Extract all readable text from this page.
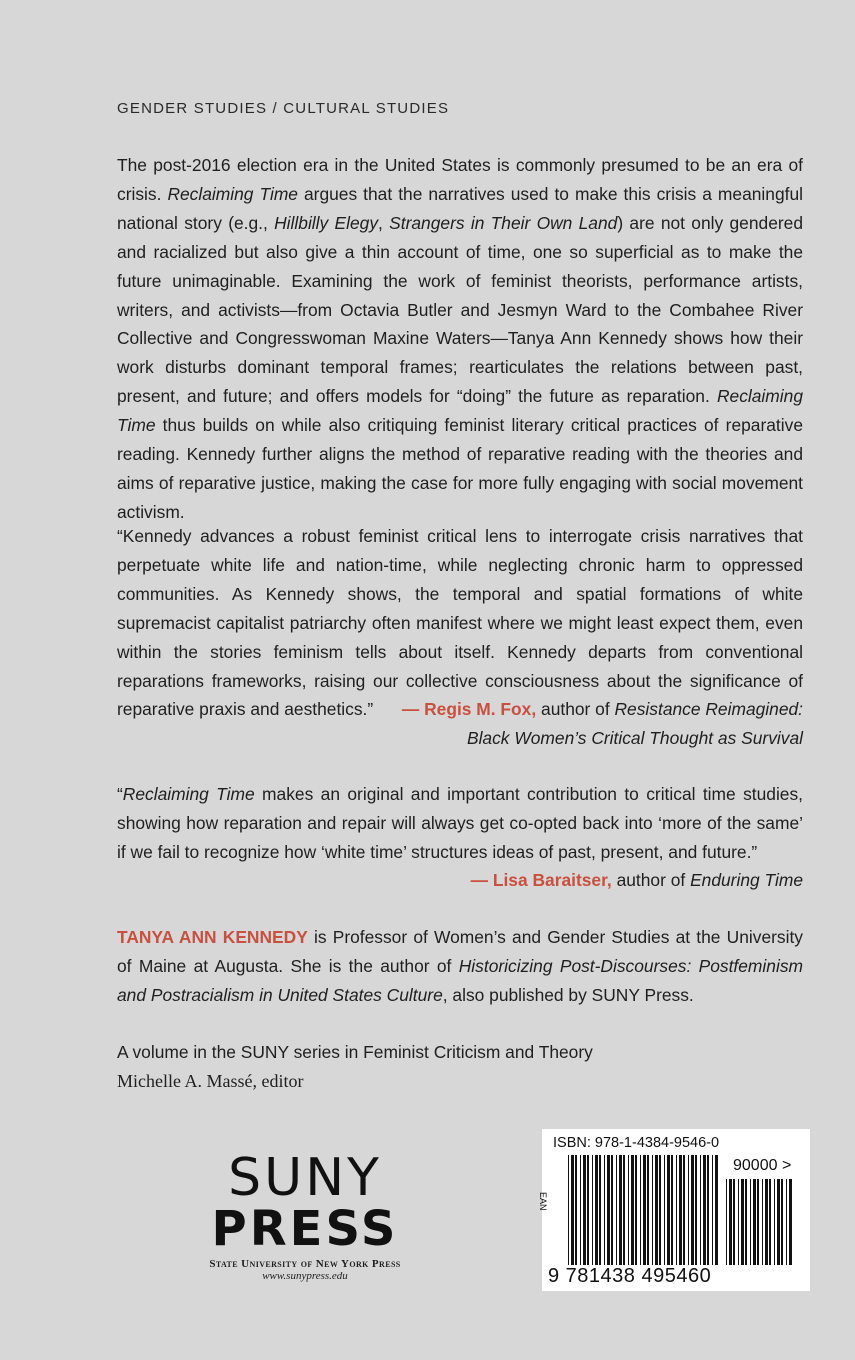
GENDER STUDIES / CULTURAL STUDIES

The post-2016 election era in the United States is commonly presumed to be an era of crisis. Reclaiming Time argues that the narratives used to make this crisis a meaningful national story (e.g., Hillbilly Elegy, Strangers in Their Own Land) are not only gendered and racialized but also give a thin account of time, one so superficial as to make the future unimaginable. Examining the work of feminist theorists, performance artists, writers, and activists—from Octavia Butler and Jesmyn Ward to the Combahee River Collective and Congresswoman Maxine Waters—Tanya Ann Kennedy shows how their work disturbs dominant temporal frames; rearticulates the relations between past, present, and future; and offers models for “doing” the future as reparation. Reclaiming Time thus builds on while also critiquing feminist literary critical practices of reparative reading. Kennedy further aligns the method of reparative reading with the theories and aims of reparative justice, making the case for more fully engaging with social movement activism.

“Kennedy advances a robust feminist critical lens to interrogate crisis narratives that perpetuate white life and nation-time, while neglecting chronic harm to oppressed communities. As Kennedy shows, the temporal and spatial formations of white supremacist capitalist patriarchy often manifest where we might least expect them, even within the stories feminism tells about itself. Kennedy departs from conventional reparations frameworks, raising our collective consciousness about the significance of reparative praxis and aesthetics.”	— Regis M. Fox, author of Resistance Reimagined:
Black Women’s Critical Thought as Survival

“Reclaiming Time makes an original and important contribution to critical time studies, showing how reparation and repair will always get co-opted back into ‘more of the same’ if we fail to recognize how ‘white time’ structures ideas of past, present, and future.”

— Lisa Baraitser, author of Enduring Time

TANYA ANN KENNEDY is Professor of Women’s and Gender Studies at the University of Maine at Augusta. She is the author of Historicizing Post-Discourses: Postfeminism and Postracialism in United States Culture, also published by SUNY Press.

A volume in the SUNY series in Feminist Criticism and Theory
Michelle A. Massé, editor
SUNY
PRESS
State University of New York Press
www.sunypress.edu
ISBN: 978-1-4384-9546-0
90000 >
EAN
9 781438 495460
